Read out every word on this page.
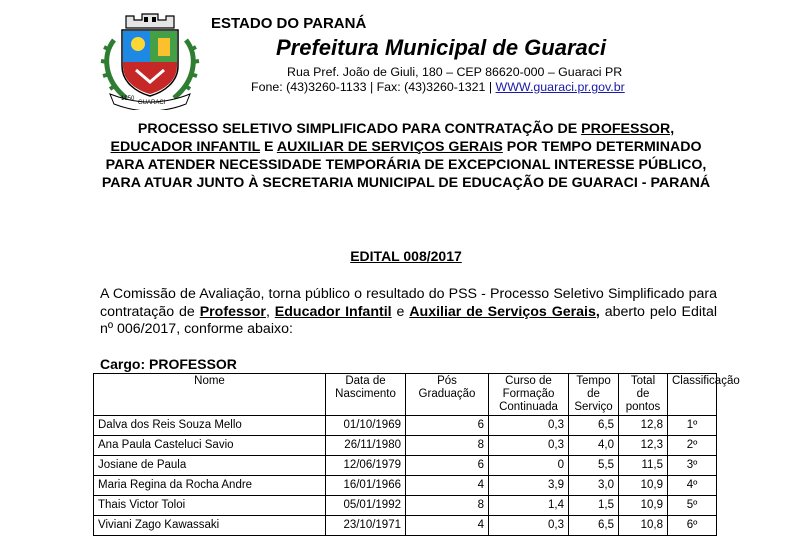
1950
GUARACI
ESTADO DO PARANÁ
Prefeitura Municipal de Guaraci
Rua Pref. João de Giuli, 180 – CEP 86620-000 – Guaraci PR
Fone: (43)3260-1133 | Fax: (43)3260-1321 | WWW.guaraci.pr.gov.br
PROCESSO SELETIVO SIMPLIFICADO PARA CONTRATAÇÃO DE PROFESSOR, EDUCADOR INFANTIL E AUXILIAR DE SERVIÇOS GERAIS POR TEMPO DETERMINADO PARA ATENDER NECESSIDADE TEMPORÁRIA DE EXCEPCIONAL INTERESSE PÚBLICO, PARA ATUAR JUNTO À SECRETARIA MUNICIPAL DE EDUCAÇÃO DE GUARACI - PARANÁ
EDITAL 008/2017
A Comissão de Avaliação, torna público o resultado do PSS - Processo Seletivo Simplificado para contratação de Professor, Educador Infantil e Auxiliar de Serviços Gerais, aberto pelo Edital nº 006/2017, conforme abaixo:
Cargo: PROFESSOR
Nome	Data de Nascimento	Pós Graduação	Curso de Formação Continuada	Tempo de Serviço	Total de pontos	Classificação
Dalva dos Reis Souza Mello	01/10/1969	6	0,3	6,5	12,8	1º
Ana Paula Casteluci Savio	26/11/1980	8	0,3	4,0	12,3	2º
Josiane de Paula	12/06/1979	6	0	5,5	11,5	3º
Maria Regina da Rocha Andre	16/01/1966	4	3,9	3,0	10,9	4º
Thais Victor Toloi	05/01/1992	8	1,4	1,5	10,9	5º
Viviani Zago Kawassaki	23/10/1971	4	0,3	6,5	10,8	6º
